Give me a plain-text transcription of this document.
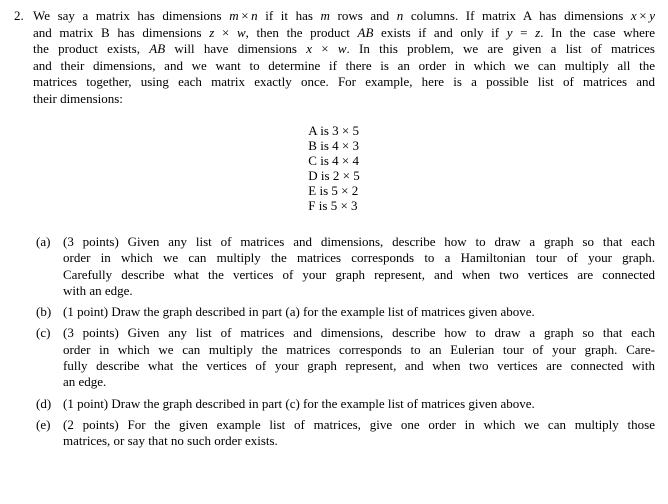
2. We say a matrix has dimensions m × n if it has m rows and n columns. If matrix A has dimensions x × y
and matrix B has dimensions z × w, then the product AB exists if and only if y = z. In the case where
the product exists, AB will have dimensions x × w. In this problem, we are given a list of matrices
and their dimensions, and we want to determine if there is an order in which we can multiply all the
matrices together, using each matrix exactly once. For example, here is a possible list of matrices and
their dimensions:
A is 3 × 5
B is 4 × 3
C is 4 × 4
D is 2 × 5
E is 5 × 2
F is 5 × 3
(a) (3 points) Given any list of matrices and dimensions, describe how to draw a graph so that each
order in which we can multiply the matrices corresponds to a Hamiltonian tour of your graph.
Carefully describe what the vertices of your graph represent, and when two vertices are connected
with an edge.
(b) (1 point) Draw the graph described in part (a) for the example list of matrices given above.
(c) (3 points) Given any list of matrices and dimensions, describe how to draw a graph so that each
order in which we can multiply the matrices corresponds to an Eulerian tour of your graph. Care-
fully describe what the vertices of your graph represent, and when two vertices are connected with
an edge.
(d) (1 point) Draw the graph described in part (c) for the example list of matrices given above.
(e) (2 points) For the given example list of matrices, give one order in which we can multiply those
matrices, or say that no such order exists.
